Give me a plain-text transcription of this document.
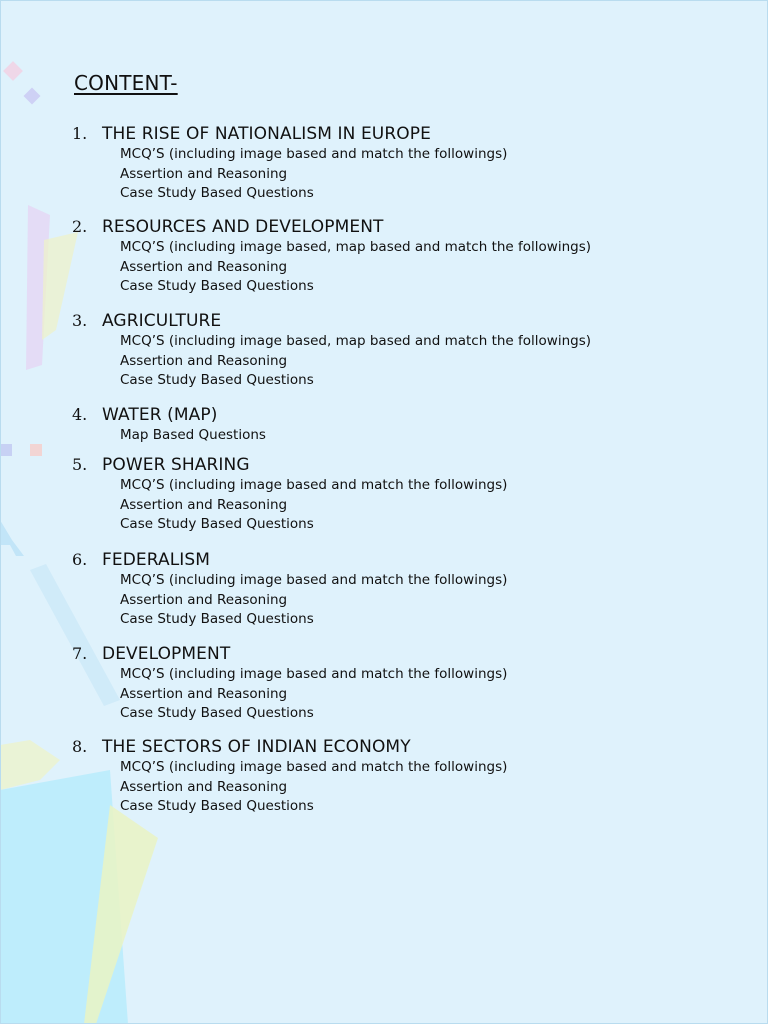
CONTENT-
1. THE RISE OF NATIONALISM IN EUROPE
MCQ’S (including image based and match the followings)
Assertion and Reasoning
Case Study Based Questions
2. RESOURCES AND DEVELOPMENT
MCQ’S (including image based, map based and match the followings)
Assertion and Reasoning
Case Study Based Questions
3. AGRICULTURE
MCQ’S (including image based, map based and match the followings)
Assertion and Reasoning
Case Study Based Questions
4. WATER (MAP)
Map Based Questions
5. POWER SHARING
MCQ’S (including image based and match the followings)
Assertion and Reasoning
Case Study Based Questions
6. FEDERALISM
MCQ’S (including image based and match the followings)
Assertion and Reasoning
Case Study Based Questions
7. DEVELOPMENT
MCQ’S (including image based and match the followings)
Assertion and Reasoning
Case Study Based Questions
8. THE SECTORS OF INDIAN ECONOMY
MCQ’S (including image based and match the followings)
Assertion and Reasoning
Case Study Based Questions
